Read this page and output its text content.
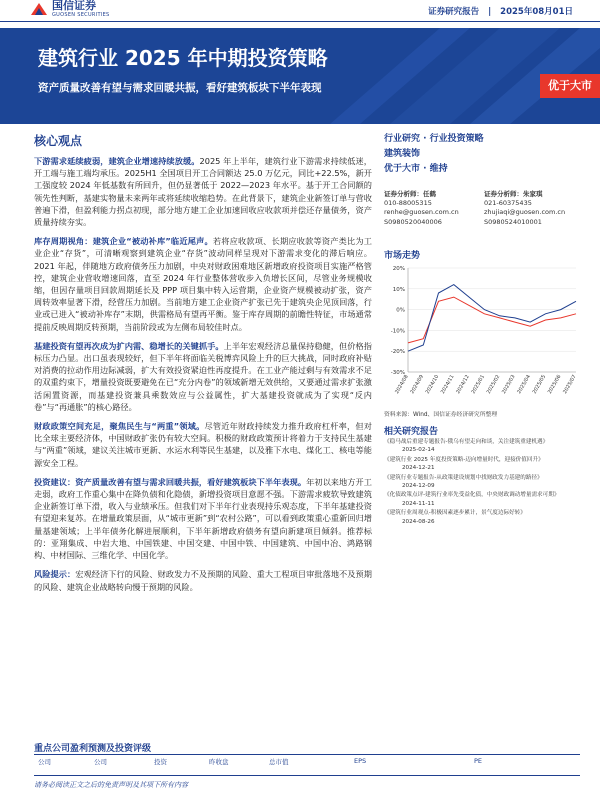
国信证券
GUOSEN SECURITIES	证券研究报告 | 2025年08月01日
建筑行业 2025 年中期投资策略
资产质量改善有望与需求回暖共振，看好建筑板块下半年表现	优于大市
核心观点

下游需求延续疲弱，建筑企业增速持续放缓。2025 年上半年，建筑行业下游需求持续低迷，开工端与施工端均承压。2025H1 全国项目开工合同额达 25.0 万亿元，同比+22.5%，新开工强度较 2024 年低基数有所回升，但仍显著低于 2022—2023 年水平。基于开工合同额的领先性判断，基建实物量未来两年或将延续收缩趋势。在此背景下，建筑企业新签订单与营收普遍下滑，但盈利能力拐点初现，部分地方建工企业加速回收应收款项并偿还存量债务，资产质量持续夯实。

库存周期视角：建筑企业“被动补库”临近尾声。若将应收款项、长期应收款等资产类比为工业企业“存货”，可清晰观察到建筑企业“存货”波动同样呈现对下游需求变化的滞后响应。2021 年起，伴随地方政府债务压力加剧，中央对财政困难地区新增政府投资项目实施严格管控，建筑企业营收增速回落，直至 2024 年行业整体营收步入负增长区间，尽管业务规模收缩，但因存量项目回款周期延长及 PPP 项目集中转入运营期，企业资产规模被动扩张，资产周转效率显著下滑，经营压力加剧。当前地方建工企业资产扩张已先于建筑央企见顶回落，行业或已进入“被动补库存”末期，供需格局有望再平衡。鉴于库存周期的前瞻性特征，市场通常提前反映周期反转预期，当前阶段或为左侧布局较佳时点。

基建投资有望再次成为扩内需、稳增长的关键抓手。上半年宏观经济总量保持稳健，但价格指标压力凸显。出口虽表现较好，但下半年将面临关税博弈风险上升的巨大挑战，同时政府补贴对消费的拉动作用边际减弱，扩大有效投资紧迫性再度提升。在工业产能过剩与有效需求不足的双重约束下，增量投资既要避免在已“充分内卷”的领域新增无效供给，又要通过需求扩张激活闲置资源，而基建投资兼具乘数效应与公益属性，扩大基建投资就成为了实现“反内卷”与“再通胀”的核心路径。

财政政策空间充足，聚焦民生与“两重”领域。尽管近年财政持续发力推升政府杠杆率，但对比全球主要经济体，中国财政扩张仍有较大空间。积极的财政政策预计将着力于支持民生基建与“两重”领域，建议关注城市更新、水运水利等民生基建，以及雅下水电、煤化工、核电等能源安全工程。

投资建议：资产质量改善有望与需求回暖共振，看好建筑板块下半年表现。年初以来地方开工走弱，政府工作重心集中在降负债和化隐债，新增投资项目意愿不强。下游需求疲软导致建筑企业新签订单下滑，收入与业绩承压。但我们对下半年行业表现持乐观态度，下半年基建投资有望迎来复苏。在增量政策层面，从“城市更新”到“农村公路”，可以看到政策重心重新回归增量基建领域；上半年债务化解进展顺利，下半年新增政府债务有望向新建项目倾斜。推荐标的：亚翔集成、中岩大地、中国铁建、中国交建、中国中铁、中国建筑、中国中冶、鸿路钢构、中材国际、三维化学、中国化学。

风险提示：宏观经济下行的风险、财政发力不及预期的风险、重大工程项目审批落地不及预期的风险、建筑企业战略转向慢于预期的风险。

行业研究 · 行业投资策略
建筑装饰
优于大市 · 维持
证券分析师：任鹤
010-88005315
renhe@guosen.com.cn
S0980520040006
证券分析师：朱家琪
021-60375435
zhujiaqi@guosen.com.cn
S0980524010001
市场走势
-30%
-20%
-10%
0%
10%
20%
2024/08 2024/09 2024/10 2024/11 2024/12 2025/01 2025/02 2025/03 2025/04 2025/05 2025/06 2025/07
资料来源：Wind、国信证券经济研究所整理
相关研究报告
《稳马战后重建专题报告-俄乌有望走向和谈，关注建筑重建机遇》
2025-02-14
《建筑行业 2025 年度投资策略-迈向增量时代，迎接价值回升》
2024-12-21
《建筑行业专题报告-从政策建设规划中找财政发力基建的路径》
2024-12-09
《化债政策点评-建筑行业率先受益化债，中央财政调动增量需求可期》
2024-11-11
《建筑行业周观点-积极因素逐步累计，景气度边际好转》
2024-08-26
重点公司盈利预测及投资评级
公司	公司	投资	昨收盘	总市值	EPS	PE
请务必阅读正文之后的免责声明及其项下所有内容
